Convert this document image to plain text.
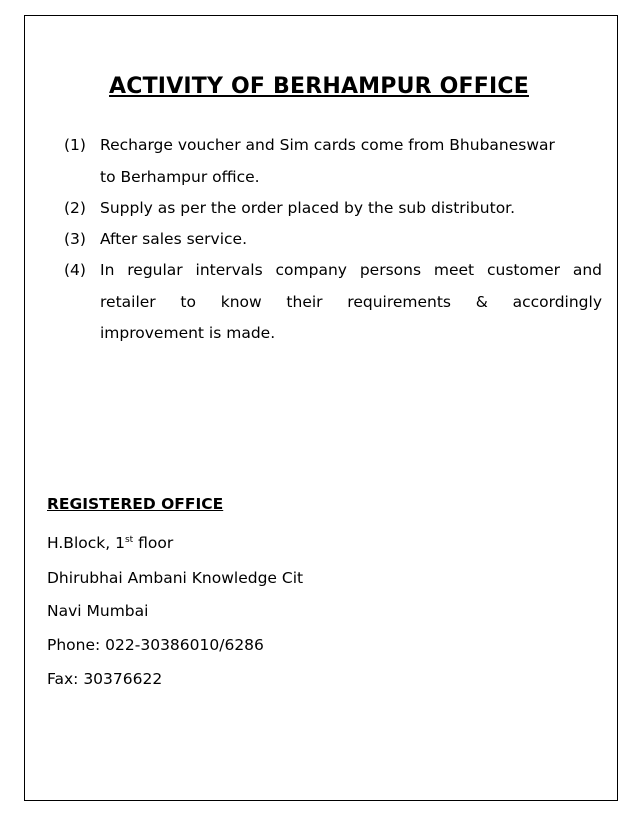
ACTIVITY OF BERHAMPUR OFFICE
(1) Recharge voucher and Sim cards come from Bhubaneswar
to Berhampur office.
(2) Supply as per the order placed by the sub distributor.
(3) After sales service.
(4) In regular intervals company persons meet customer and
retailer to know their requirements & accordingly
improvement is made.
REGISTERED OFFICE
H.Block, 1st floor
Dhirubhai Ambani Knowledge Cit
Navi Mumbai
Phone: 022-30386010/6286
Fax: 30376622
